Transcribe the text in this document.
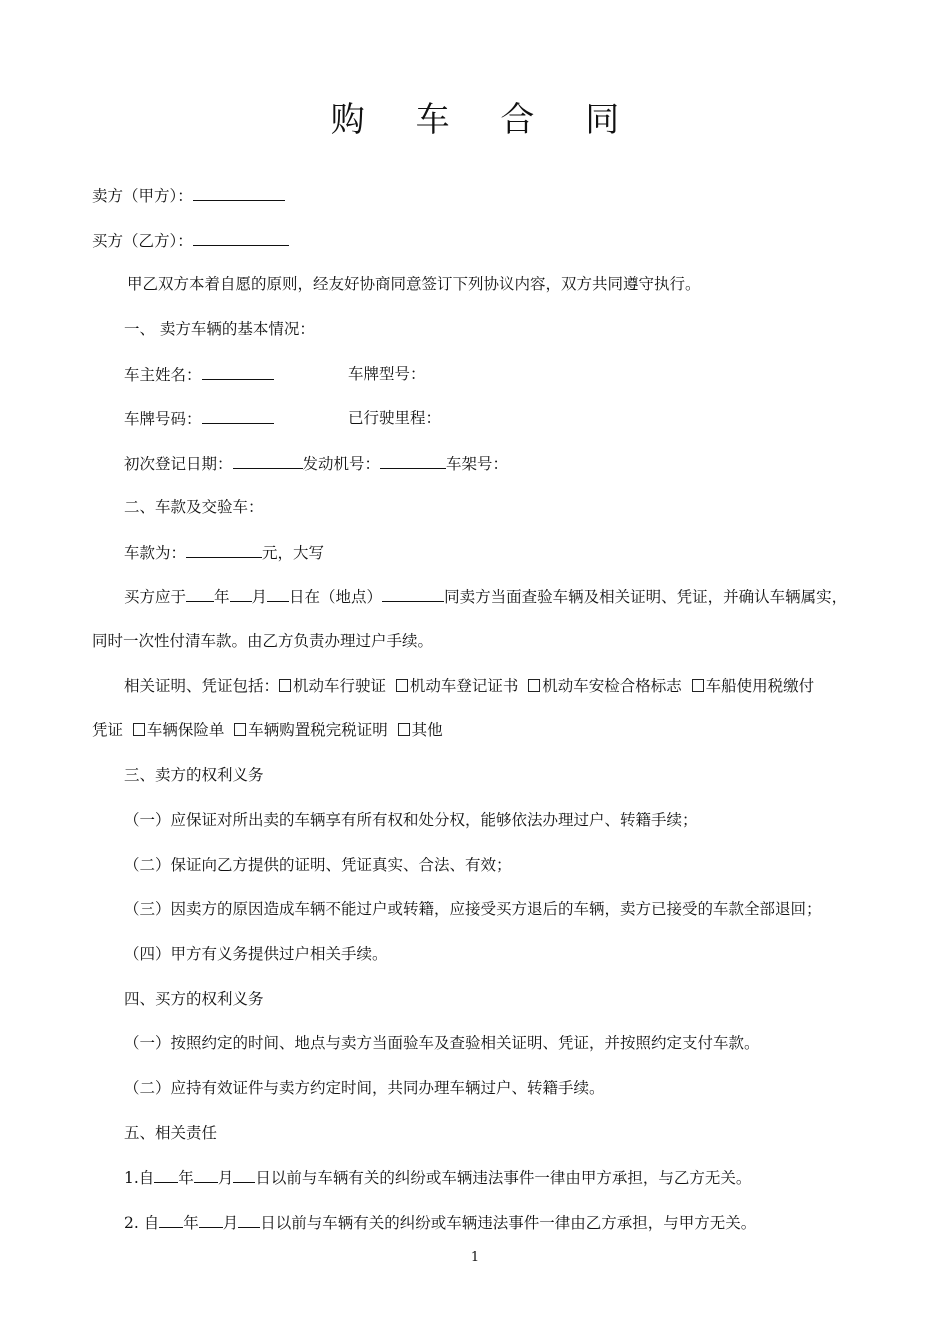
购 车 合 同
卖方（甲方）：
买方（乙方）：
甲乙双方本着自愿的原则，经友好协商同意签订下列协议内容，双方共同遵守执行。
一、 卖方车辆的基本情况：
车主姓名：	车牌型号：
车牌号码：	已行驶里程：
初次登记日期：	发动机号：	车架号：
二、车款及交验车：
车款为：	元，大写
买方应于 年 月 日在（地点）	同卖方当面查验车辆及相关证明、凭证，并确认车辆属实，
同时一次性付清车款。由乙方负责办理过户手续。
相关证明、凭证包括： 机动车行驶证 机动车登记证书 机动车安检合格标志 车船使用税缴付
凭证 车辆保险单 车辆购置税完税证明 其他
三、卖方的权利义务
（一）应保证对所出卖的车辆享有所有权和处分权，能够依法办理过户、转籍手续；
（二）保证向乙方提供的证明、凭证真实、合法、有效；
（三）因卖方的原因造成车辆不能过户或转籍，应接受买方退后的车辆，卖方已接受的车款全部退回；
（四）甲方有义务提供过户相关手续。
四、买方的权利义务
（一）按照约定的时间、地点与卖方当面验车及查验相关证明、凭证，并按照约定支付车款。
（二）应持有效证件与卖方约定时间，共同办理车辆过户、转籍手续。
五、相关责任
1.自 年 月 日以前与车辆有关的纠纷或车辆违法事件一律由甲方承担，与乙方无关。
2. 自 年 月 日以前与车辆有关的纠纷或车辆违法事件一律由乙方承担，与甲方无关。
1
